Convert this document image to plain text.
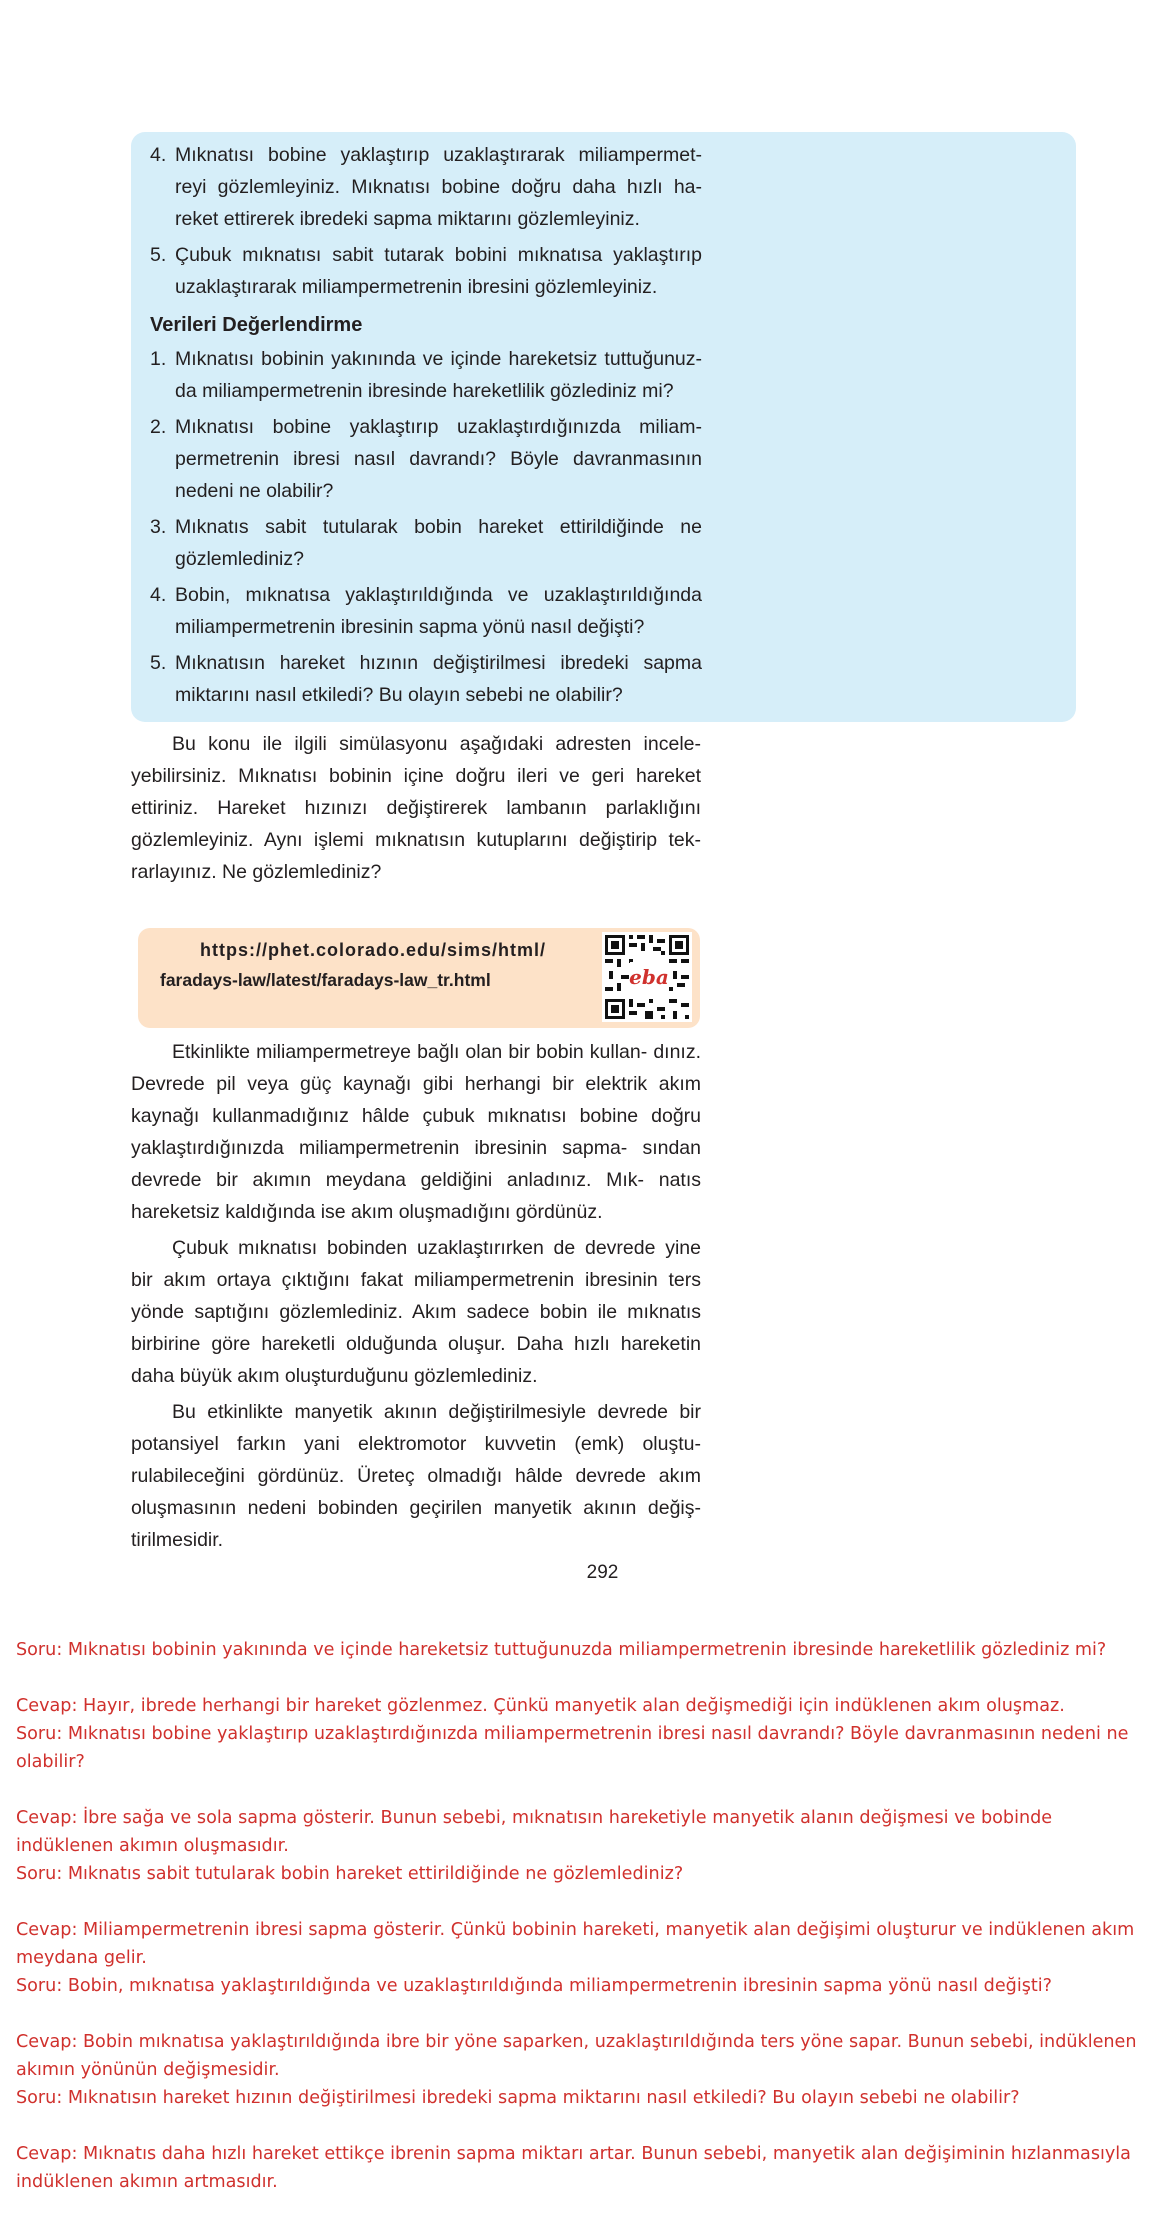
4. Mıknatısı bobine yaklaştırıp uzaklaştırarak miliampermet- reyi gözlemleyiniz. Mıknatısı bobine doğru daha hızlı ha- reket ettirerek ibredeki sapma miktarını gözlemleyiniz.
5. Çubuk mıknatısı sabit tutarak bobini mıknatısa yaklaştırıp uzaklaştırarak miliampermetrenin ibresini gözlemleyiniz.
Verileri Değerlendirme
1. Mıknatısı bobinin yakınında ve içinde hareketsiz tuttuğunuz- da miliampermetrenin ibresinde hareketlilik gözlediniz mi?
2. Mıknatısı bobine yaklaştırıp uzaklaştırdığınızda miliam- permetrenin ibresi nasıl davrandı? Böyle davranmasının nedeni ne olabilir?
3. Mıknatıs sabit tutularak bobin hareket ettirildiğinde ne gözlemlediniz?
4. Bobin, mıknatısa yaklaştırıldığında ve uzaklaştırıldığında miliampermetrenin ibresinin sapma yönü nasıl değişti?
5. Mıknatısın hareket hızının değiştirilmesi ibredeki sapma miktarını nasıl etkiledi? Bu olayın sebebi ne olabilir?

Bu konu ile ilgili simülasyonu aşağıdaki adresten incele- yebilirsiniz. Mıknatısı bobinin içine doğru ileri ve geri hareket ettiriniz. Hareket hızınızı değiştirerek lambanın parlaklığını gözlemleyiniz. Aynı işlemi mıknatısın kutuplarını değiştirip tek- rarlayınız. Ne gözlemlediniz?

https://phet.colorado.edu/sims/html/
faradays-law/latest/faradays-law_tr.html	eba

Etkinlikte miliampermetreye bağlı olan bir bobin kullan- dınız. Devrede pil veya güç kaynağı gibi herhangi bir elektrik akım kaynağı kullanmadığınız hâlde çubuk mıknatısı bobine doğru yaklaştırdığınızda miliampermetrenin ibresinin sapma- sından devrede bir akımın meydana geldiğini anladınız. Mık- natıs hareketsiz kaldığında ise akım oluşmadığını gördünüz.

Çubuk mıknatısı bobinden uzaklaştırırken de devrede yine bir akım ortaya çıktığını fakat miliampermetrenin ibresinin ters yönde saptığını gözlemlediniz. Akım sadece bobin ile mıknatıs birbirine göre hareketli olduğunda oluşur. Daha hızlı hareketin daha büyük akım oluşturduğunu gözlemlediniz.

Bu etkinlikte manyetik akının değiştirilmesiyle devrede bir potansiyel farkın yani elektromotor kuvvetin (emk) oluştu- rulabileceğini gördünüz. Üreteç olmadığı hâlde devrede akım oluşmasının nedeni bobinden geçirilen manyetik akının değiş- tirilmesidir.

292

Soru: Mıknatısı bobinin yakınında ve içinde hareketsiz tuttuğunuzda miliampermetrenin ibresinde hareketlilik gözlediniz mi?

Cevap: Hayır, ibrede herhangi bir hareket gözlenmez. Çünkü manyetik alan değişmediği için indüklenen akım oluşmaz.

Soru: Mıknatısı bobine yaklaştırıp uzaklaştırdığınızda miliampermetrenin ibresi nasıl davrandı? Böyle davranmasının nedeni ne

olabilir?

Cevap: İbre sağa ve sola sapma gösterir. Bunun sebebi, mıknatısın hareketiyle manyetik alanın değişmesi ve bobinde

indüklenen akımın oluşmasıdır.

Soru: Mıknatıs sabit tutularak bobin hareket ettirildiğinde ne gözlemlediniz?

Cevap: Miliampermetrenin ibresi sapma gösterir. Çünkü bobinin hareketi, manyetik alan değişimi oluşturur ve indüklenen akım

meydana gelir.

Soru: Bobin, mıknatısa yaklaştırıldığında ve uzaklaştırıldığında miliampermetrenin ibresinin sapma yönü nasıl değişti?

Cevap: Bobin mıknatısa yaklaştırıldığında ibre bir yöne saparken, uzaklaştırıldığında ters yöne sapar. Bunun sebebi, indüklenen

akımın yönünün değişmesidir.

Soru: Mıknatısın hareket hızının değiştirilmesi ibredeki sapma miktarını nasıl etkiledi? Bu olayın sebebi ne olabilir?

Cevap: Mıknatıs daha hızlı hareket ettikçe ibrenin sapma miktarı artar. Bunun sebebi, manyetik alan değişiminin hızlanmasıyla

indüklenen akımın artmasıdır.
